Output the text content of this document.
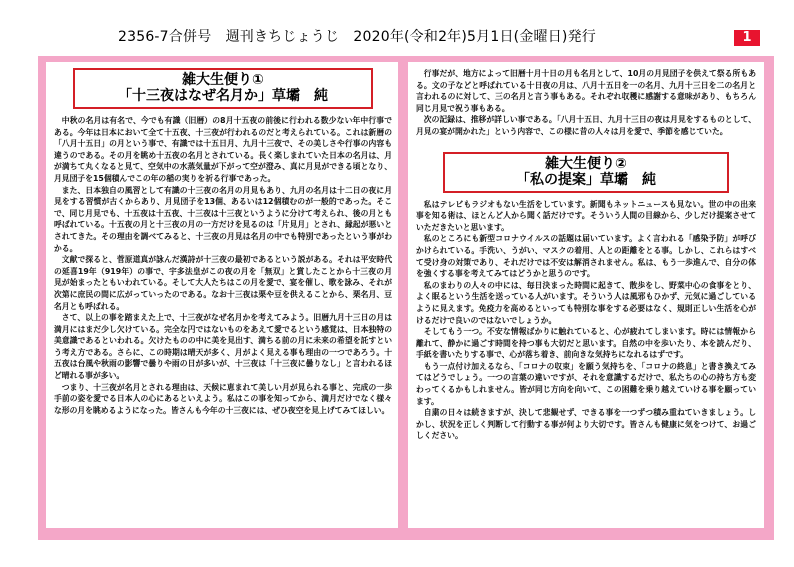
2356-7合併号　週刊きちじょうじ　2020年(令和2年)5月1日(金曜日)発行	1
雑大生便り①
「十三夜はなぜ名月か」草壩　純

中秋の名月は有名で、今でも有識（旧暦）の8月十五夜の前後に行われる数少ない年中行事である。今年は日本において全て十五夜、十三夜が行われるのだと考えられている。これは新暦の「八月十五日」の月という事で、有識では十五日月、九月十三夜で、その美しさや行事の内容も違うのである。その月を眺め十五夜の名月とされている。長く楽しまれていた日本の名月は、月が満ちて丸くなると見て、空気中の水蒸気量が下がって空が澄み、真に月見ができる頃となり、月見団子を15個積んでこの年の稲の実りを祈る行事であった。

また、日本独自の風習として有識の十三夜の名月の月見もあり、九月の名月は十二日の夜に月見をする習慣が古くからあり、月見団子を13個、あるいは12個積むのが一般的であった。そこで、同じ月見でも、十五夜は十五夜、十三夜は十三夜というように分けて考えられ、後の月とも呼ばれている。十五夜の月と十三夜の月の一方だけを見るのは「片見月」とされ、縁起が悪いとされてきた。その理由を調べてみると、十三夜の月見は名月の中でも特別であったという事がわかる。

文献で探ると、菅原道真が詠んだ漢詩が十三夜の最初であるという説がある。それは平安時代の延喜19年（919年）の事で、宇多法皇がこの夜の月を「無双」と賞したことから十三夜の月見が始まったともいわれている。そして大人たちはこの月を愛で、宴を催し、歌を詠み、それが次第に庶民の間に広がっていったのである。なお十三夜は栗や豆を供えることから、栗名月、豆名月とも呼ばれる。

さて、以上の事を踏まえた上で、十三夜がなぜ名月かを考えてみよう。旧暦九月十三日の月は満月にはまだ少し欠けている。完全な円ではないものをあえて愛でるという感覚は、日本独特の美意識であるといわれる。欠けたものの中に美を見出す、満ちる前の月に未来の希望を託すという考え方である。さらに、この時期は晴天が多く、月がよく見える事も理由の一つであろう。十五夜は台風や秋雨の影響で曇りや雨の日が多いが、十三夜は「十三夜に曇りなし」と言われるほど晴れる事が多い。

つまり、十三夜が名月とされる理由は、天候に恵まれて美しい月が見られる事と、完成の一歩手前の姿を愛でる日本人の心にあるといえよう。私はこの事を知ってから、満月だけでなく様々な形の月を眺めるようになった。皆さんも今年の十三夜には、ぜひ夜空を見上げてみてほしい。

行事だが、地方によって旧暦十月十日の月も名月として、10月の月見団子を供えて祭る所もある。文の子などと呼ばれている十日夜の月は、八月十五日を一の名月、九月十三日を二の名月と言われるのに対して、三の名月と言う事もある。それぞれ収穫に感謝する意味があり、もちろん同じ月見で祝う事もある。

次の記録は、推移が詳しい事である。「八月十五日、九月十三日の夜は月見をするものとして、月見の宴が開かれた」という内容で、この様に昔の人々は月を愛で、季節を感じていた。

雑大生便り②
「私の提案」草壩　純

私はテレビもラジオもない生活をしています。新聞もネットニュースも見ない。世の中の出来事を知る術は、ほとんど人から聞く話だけです。そういう人間の目線から、少しだけ提案させていただきたいと思います。

私のところにも新型コロナウイルスの話題は届いています。よく言われる「感染予防」が呼びかけられている。手洗い、うがい、マスクの着用、人との距離をとる事。しかし、これらはすべて受け身の対策であり、それだけでは不安は解消されません。私は、もう一歩進んで、自分の体を強くする事を考えてみてはどうかと思うのです。

私のまわりの人々の中には、毎日決まった時間に起きて、散歩をし、野菜中心の食事をとり、よく眠るという生活を送っている人がいます。そういう人は風邪もひかず、元気に過ごしているように見えます。免疫力を高めるといっても特別な事をする必要はなく、規則正しい生活を心がけるだけで良いのではないでしょうか。

そしてもう一つ。不安な情報ばかりに触れていると、心が疲れてしまいます。時には情報から離れて、静かに過ごす時間を持つ事も大切だと思います。自然の中を歩いたり、本を読んだり、手紙を書いたりする事で、心が落ち着き、前向きな気持ちになれるはずです。

もう一点付け加えるなら、「コロナの収束」を願う気持ちを、「コロナの終息」と書き換えてみてはどうでしょう。一つの言葉の違いですが、それを意識するだけで、私たちの心の持ち方も変わってくるかもしれません。皆が同じ方向を向いて、この困難を乗り越えていける事を願っています。

自粛の日々は続きますが、決して悲観せず、できる事を一つずつ積み重ねていきましょう。しかし、状況を正しく判断して行動する事が何より大切です。皆さんも健康に気をつけて、お過ごしください。
